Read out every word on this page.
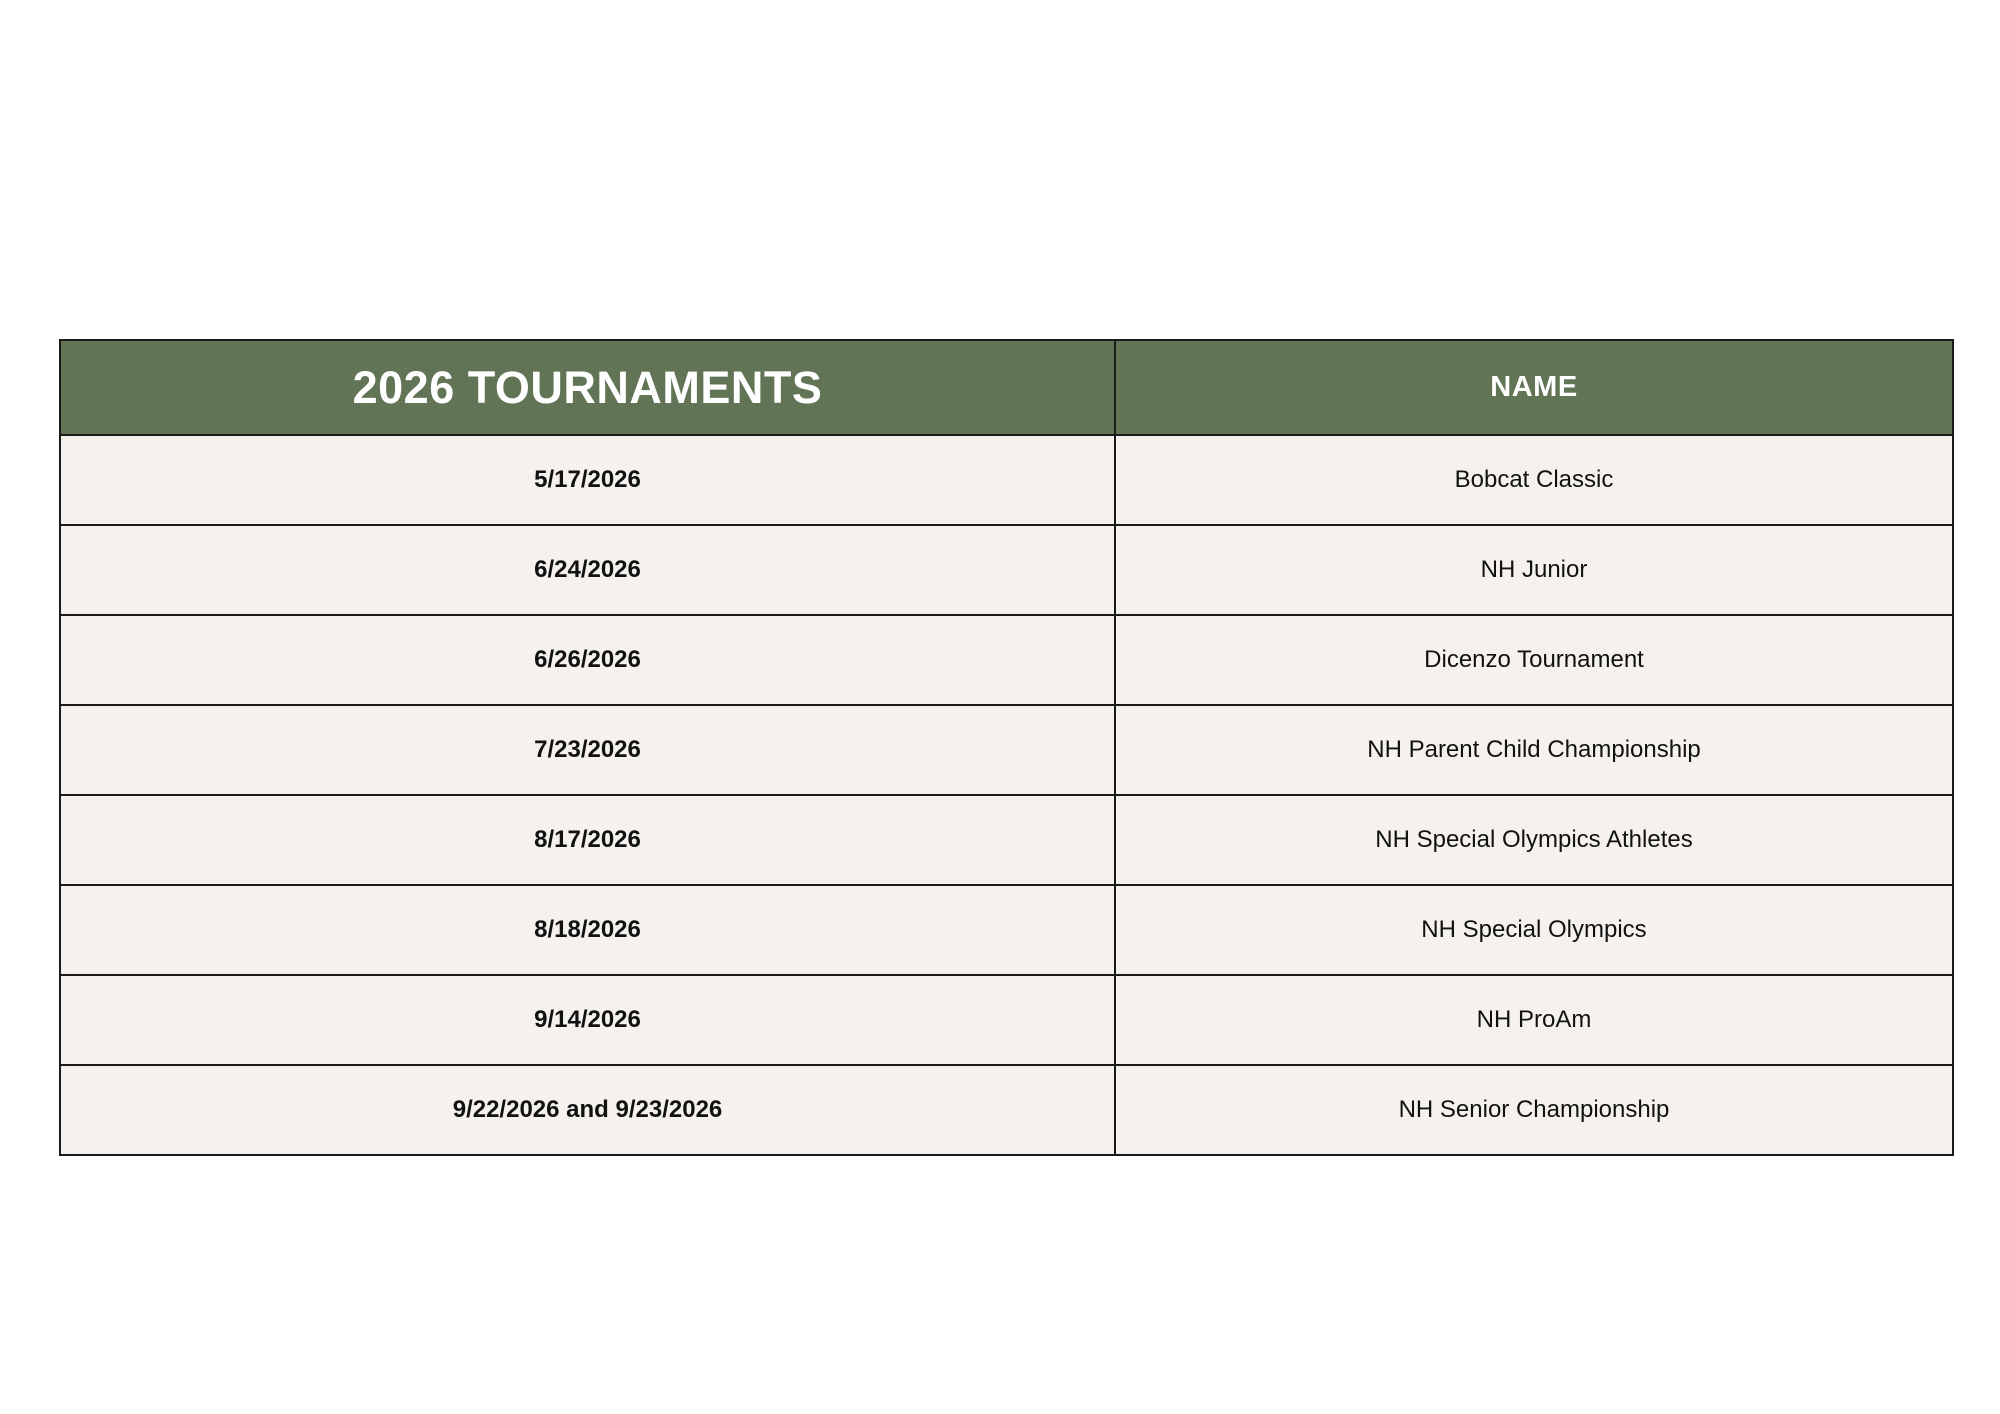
2026 TOURNAMENTS	NAME
5/17/2026	Bobcat Classic
6/24/2026	NH Junior
6/26/2026	Dicenzo Tournament
7/23/2026	NH Parent Child Championship
8/17/2026	NH Special Olympics Athletes
8/18/2026	NH Special Olympics
9/14/2026	NH ProAm
9/22/2026 and 9/23/2026	NH Senior Championship
